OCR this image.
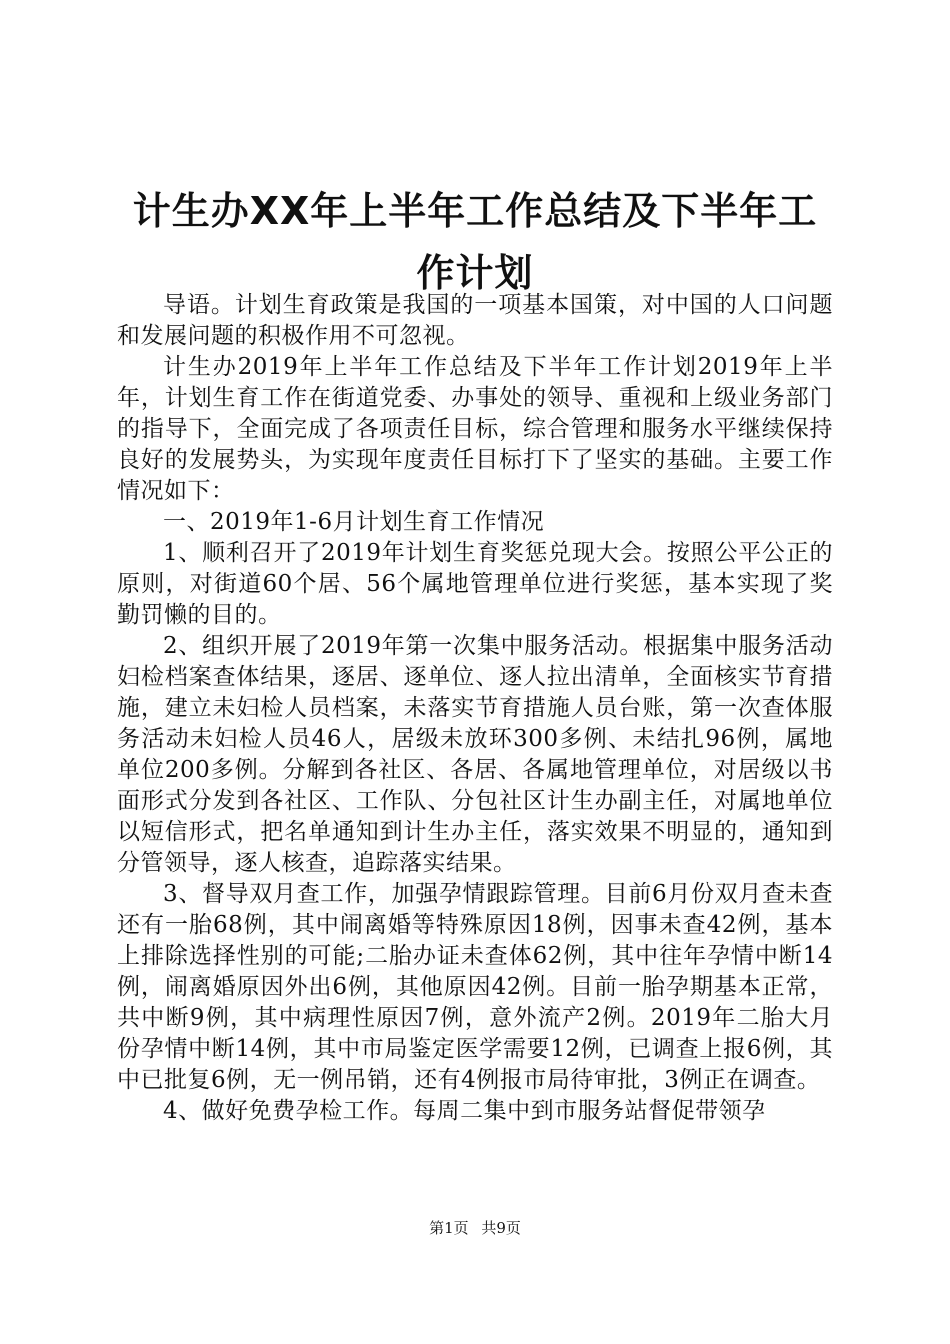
计生办XX年上半年工作总结及下半年工作计划

导语。计划生育政策是我国的一项基本国策，对中国的人口问题和发展问题的积极作用不可忽视。

计生办2019年上半年工作总结及下半年工作计划2019年上半年，计划生育工作在街道党委、办事处的领导、重视和上级业务部门的指导下，全面完成了各项责任目标，综合管理和服务水平继续保持良好的发展势头，为实现年度责任目标打下了坚实的基础。主要工作情况如下：

一、2019年1-6月计划生育工作情况

1、顺利召开了2019年计划生育奖惩兑现大会。按照公平公正的原则，对街道60个居、56个属地管理单位进行奖惩，基本实现了奖勤罚懒的目的。

2、组织开展了2019年第一次集中服务活动。根据集中服务活动妇检档案查体结果，逐居、逐单位、逐人拉出清单，全面核实节育措施，建立未妇检人员档案，未落实节育措施人员台账，第一次查体服务活动未妇检人员46人，居级未放环300多例、未结扎96例，属地单位200多例。分解到各社区、各居、各属地管理单位，对居级以书面形式分发到各社区、工作队、分包社区计生办副主任，对属地单位以短信形式，把名单通知到计生办主任，落实效果不明显的，通知到分管领导，逐人核查，追踪落实结果。

3、督导双月查工作，加强孕情跟踪管理。目前6月份双月查未查还有一胎68例，其中闹离婚等特殊原因18例，因事未查42例，基本上排除选择性别的可能;二胎办证未查体62例，其中往年孕情中断14例，闹离婚原因外出6例，其他原因42例。目前一胎孕期基本正常，共中断9例，其中病理性原因7例，意外流产2例。2019年二胎大月份孕情中断14例，其中市局鉴定医学需要12例，已调查上报6例，其中已批复6例，无一例吊销，还有4例报市局待审批，3例正在调查。

4、做好免费孕检工作。每周二集中到市服务站督促带领孕

第1页 共9页
